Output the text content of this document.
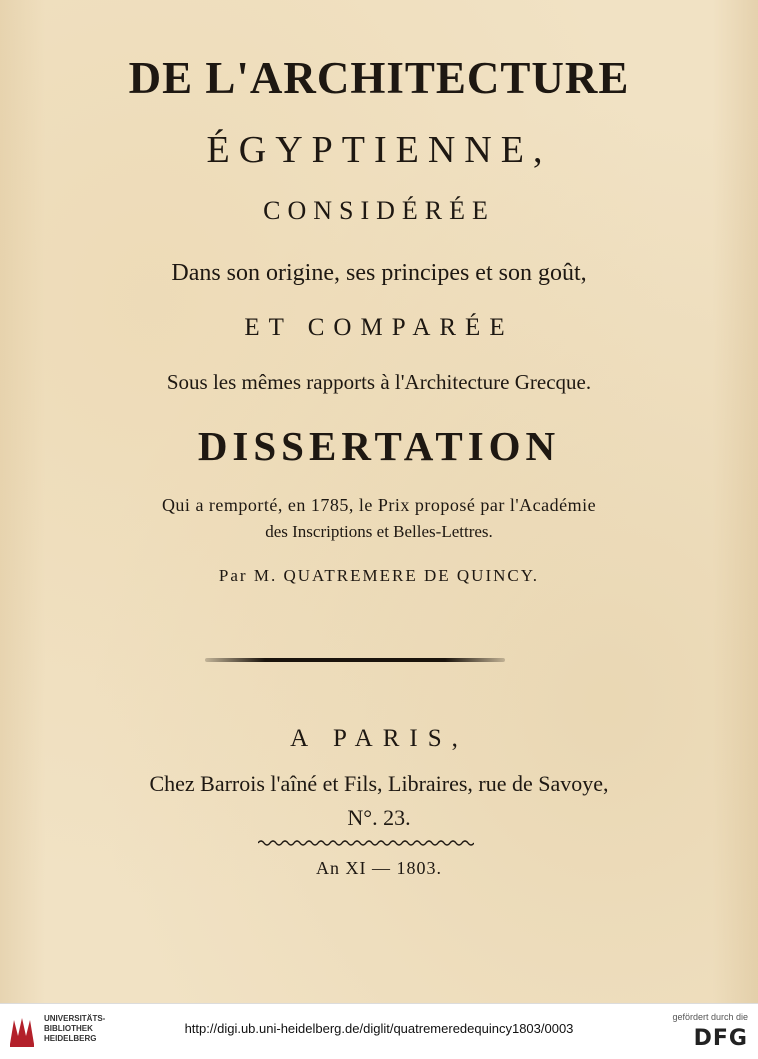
DE L'ARCHITECTURE
ÉGYPTIENNE,
CONSIDÉRÉE
Dans son origine, ses principes et son goût,
ET COMPARÉE
Sous les mêmes rapports à l'Architecture Grecque.
DISSERTATION
Qui a remporté, en 1785, le Prix proposé par l'Académie
des Inscriptions et Belles-Lettres.
Par M. QUATREMERE DE QUINCY.
A PARIS,
Chez Barrois l'aîné et Fils, Libraires, rue de Savoye,
N°. 23.
An XI — 1803.
UNIVERSITÄTS-
BIBLIOTHEK
HEIDELBERG
http://digi.ub.uni-heidelberg.de/diglit/quatremeredequincy1803/0003
gefördert durch die
DFG
